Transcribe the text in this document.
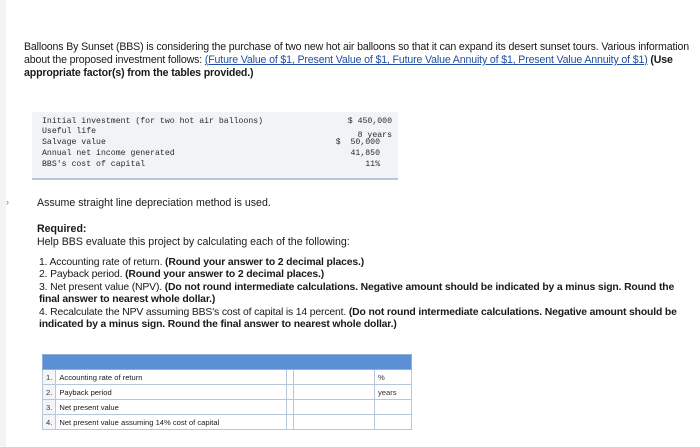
›
Balloons By Sunset (BBS) is considering the purchase of two new hot air balloons so that it can expand its desert sunset tours. Various information about the proposed investment follows: (Future Value of $1, Present Value of $1, Future Value Annuity of $1, Present Value Annuity of $1) (Use appropriate factor(s) from the tables provided.)
Initial investment (for two hot air balloons)	$ 450,000
Useful life	8 years
Salvage value	$  50,000
Annual net income generated	41,850
BBS's cost of capital	11%
Assume straight line depreciation method is used.
Required:
Help BBS evaluate this project by calculating each of the following:
1. Accounting rate of return. (Round your answer to 2 decimal places.)
2. Payback period. (Round your answer to 2 decimal places.)
3. Net present value (NPV). (Do not round intermediate calculations. Negative amount should be indicated by a minus sign. Round the final answer to nearest whole dollar.)
4. Recalculate the NPV assuming BBS's cost of capital is 14 percent. (Do not round intermediate calculations. Negative amount should be indicated by a minus sign. Round the final answer to nearest whole dollar.)

1.	Accounting rate of return			%
2.	Payback period			years
3.	Net present value			
4.	Net present value assuming 14% cost of capital			
